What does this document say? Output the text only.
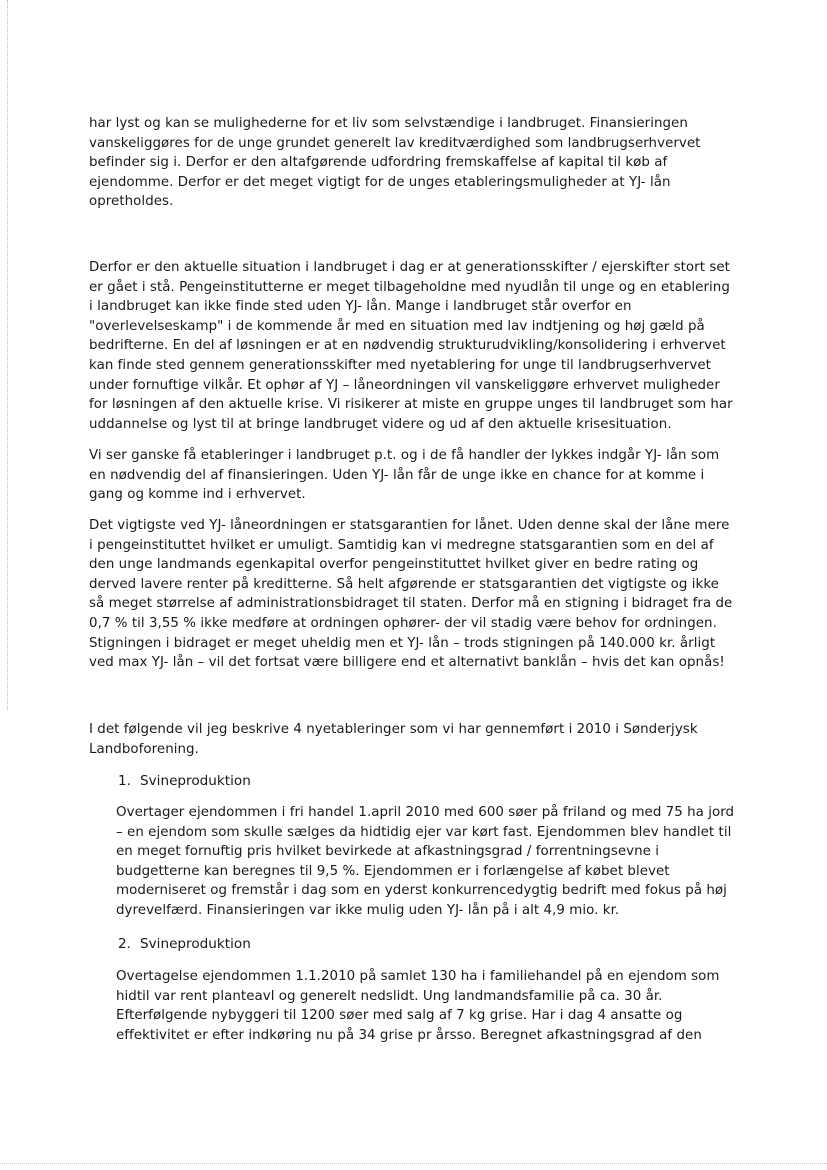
har lyst og kan se mulighederne for et liv som selvstændige i landbruget. Finansieringen
vanskeliggøres for de unge grundet generelt lav kreditværdighed som landbrugserhvervet
befinder sig i. Derfor er den altafgørende udfordring fremskaffelse af kapital til køb af
ejendomme. Derfor er det meget vigtigt for de unges etableringsmuligheder at YJ- lån
opretholdes.
Derfor er den aktuelle situation i landbruget i dag er at generationsskifter / ejerskifter stort set
er gået i stå. Pengeinstitutterne er meget tilbageholdne med nyudlån til unge og en etablering
i landbruget kan ikke finde sted uden YJ- lån. Mange i landbruget står overfor en
"overlevelseskamp" i de kommende år med en situation med lav indtjening og høj gæld på
bedrifterne. En del af løsningen er at en nødvendig strukturudvikling/konsolidering i erhvervet
kan finde sted gennem generationsskifter med nyetablering for unge til landbrugserhvervet
under fornuftige vilkår. Et ophør af YJ – låneordningen vil vanskeliggøre erhvervet muligheder
for løsningen af den aktuelle krise. Vi risikerer at miste en gruppe unges til landbruget som har
uddannelse og lyst til at bringe landbruget videre og ud af den aktuelle krisesituation.
Vi ser ganske få etableringer i landbruget p.t. og i de få handler der lykkes indgår YJ- lån som
en nødvendig del af finansieringen. Uden YJ- lån får de unge ikke en chance for at komme i
gang og komme ind i erhvervet.
Det vigtigste ved YJ- låneordningen er statsgarantien for lånet. Uden denne skal der låne mere
i pengeinstituttet hvilket er umuligt. Samtidig kan vi medregne statsgarantien som en del af
den unge landmands egenkapital overfor pengeinstituttet hvilket giver en bedre rating og
derved lavere renter på kreditterne. Så helt afgørende er statsgarantien det vigtigste og ikke
så meget størrelse af administrationsbidraget til staten. Derfor må en stigning i bidraget fra de
0,7 % til 3,55 % ikke medføre at ordningen ophører- der vil stadig være behov for ordningen.
Stigningen i bidraget er meget uheldig men et YJ- lån – trods stigningen på 140.000 kr. årligt
ved max YJ- lån – vil det fortsat være billigere end et alternativt banklån – hvis det kan opnås!
I det følgende vil jeg beskrive 4 nyetableringer som vi har gennemført i 2010 i Sønderjysk
Landboforening.
1. Svineproduktion
Overtager ejendommen i fri handel 1.april 2010 med 600 søer på friland og med 75 ha jord
– en ejendom som skulle sælges da hidtidig ejer var kørt fast. Ejendommen blev handlet til
en meget fornuftig pris hvilket bevirkede at afkastningsgrad / forrentningsevne i
budgetterne kan beregnes til 9,5 %. Ejendommen er i forlængelse af købet blevet
moderniseret og fremstår i dag som en yderst konkurrencedygtig bedrift med fokus på høj
dyrevelfærd. Finansieringen var ikke mulig uden YJ- lån på i alt 4,9 mio. kr.
2. Svineproduktion
Overtagelse ejendommen 1.1.2010 på samlet 130 ha i familiehandel på en ejendom som
hidtil var rent planteavl og generelt nedslidt. Ung landmandsfamilie på ca. 30 år.
Efterfølgende nybyggeri til 1200 søer med salg af 7 kg grise. Har i dag 4 ansatte og
effektivitet er efter indkøring nu på 34 grise pr årsso. Beregnet afkastningsgrad af den
